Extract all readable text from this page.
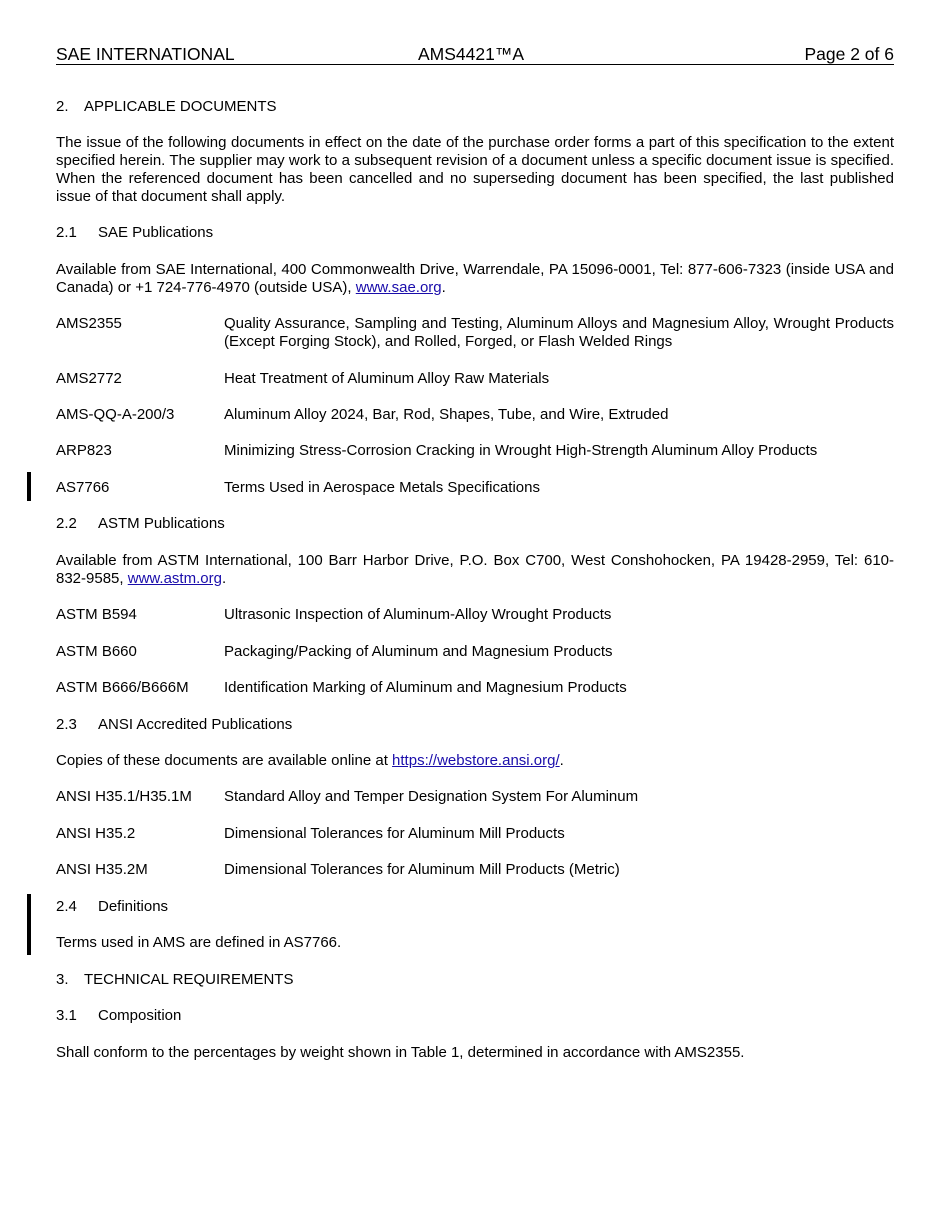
SAE INTERNATIONAL	AMS4421™A	Page 2 of 6
2. APPLICABLE DOCUMENTS
The issue of the following documents in effect on the date of the purchase order forms a part of this specification to the extent specified herein. The supplier may work to a subsequent revision of a document unless a specific document issue is specified. When the referenced document has been cancelled and no superseding document has been specified, the last published issue of that document shall apply.
2.1 SAE Publications
Available from SAE International, 400 Commonwealth Drive, Warrendale, PA 15096-0001, Tel: 877-606-7323 (inside USA and Canada) or +1 724-776-4970 (outside USA), www.sae.org.
AMS2355	Quality Assurance, Sampling and Testing, Aluminum Alloys and Magnesium Alloy, Wrought Products (Except Forging Stock), and Rolled, Forged, or Flash Welded Rings
AMS2772	Heat Treatment of Aluminum Alloy Raw Materials
AMS-QQ-A-200/3	Aluminum Alloy 2024, Bar, Rod, Shapes, Tube, and Wire, Extruded
ARP823	Minimizing Stress-Corrosion Cracking in Wrought High-Strength Aluminum Alloy Products
AS7766	Terms Used in Aerospace Metals Specifications
2.2 ASTM Publications
Available from ASTM International, 100 Barr Harbor Drive, P.O. Box C700, West Conshohocken, PA 19428-2959, Tel: 610-832-9585, www.astm.org.
ASTM B594	Ultrasonic Inspection of Aluminum-Alloy Wrought Products
ASTM B660	Packaging/Packing of Aluminum and Magnesium Products
ASTM B666/B666M	Identification Marking of Aluminum and Magnesium Products
2.3 ANSI Accredited Publications
Copies of these documents are available online at https://webstore.ansi.org/.
ANSI H35.1/H35.1M	Standard Alloy and Temper Designation System For Aluminum
ANSI H35.2	Dimensional Tolerances for Aluminum Mill Products
ANSI H35.2M	Dimensional Tolerances for Aluminum Mill Products (Metric)
2.4 Definitions
Terms used in AMS are defined in AS7766.
3. TECHNICAL REQUIREMENTS
3.1 Composition
Shall conform to the percentages by weight shown in Table 1, determined in accordance with AMS2355.
